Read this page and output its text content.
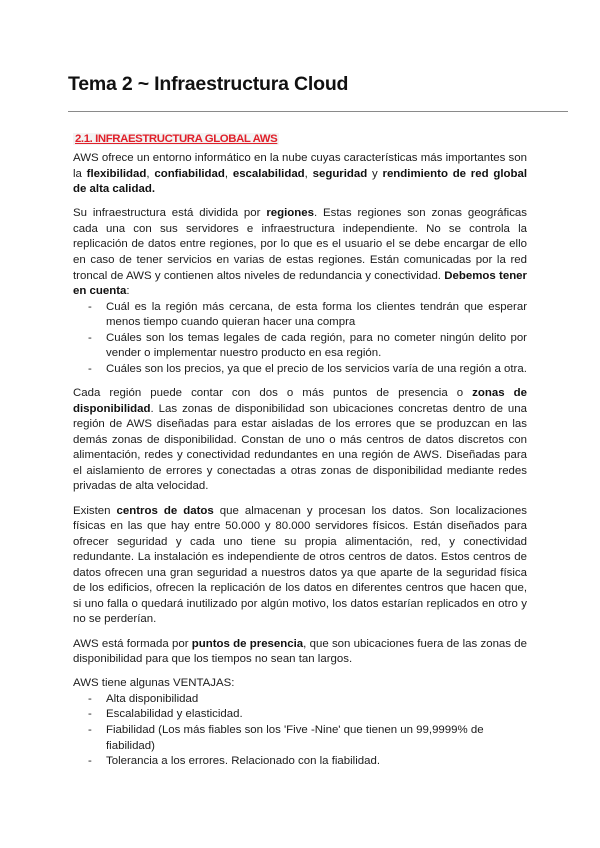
Tema 2 ~ Infraestructura Cloud
2.1. INFRAESTRUCTURA GLOBAL AWS

AWS ofrece un entorno informático en la nube cuyas características más importantes son la flexibilidad, confiabilidad, escalabilidad, seguridad y rendimiento de red global de alta calidad.

Su infraestructura está dividida por regiones. Estas regiones son zonas geográficas cada una con sus servidores e infraestructura independiente. No se controla la replicación de datos entre regiones, por lo que es el usuario el se debe encargar de ello en caso de tener servicios en varias de estas regiones. Están comunicadas por la red troncal de AWS y contienen altos niveles de redundancia y conectividad. Debemos tener en cuenta:

- Cuál es la región más cercana, de esta forma los clientes tendrán que esperar menos tiempo cuando quieran hacer una compra
- Cuáles son los temas legales de cada región, para no cometer ningún delito por vender o implementar nuestro producto en esa región.
- Cuáles son los precios, ya que el precio de los servicios varía de una región a otra.

Cada región puede contar con dos o más puntos de presencia o zonas de disponibilidad. Las zonas de disponibilidad son ubicaciones concretas dentro de una región de AWS diseñadas para estar aisladas de los errores que se produzcan en las demás zonas de disponibilidad. Constan de uno o más centros de datos discretos con alimentación, redes y conectividad redundantes en una región de AWS. Diseñadas para el aislamiento de errores y conectadas a otras zonas de disponibilidad mediante redes privadas de alta velocidad.

Existen centros de datos que almacenan y procesan los datos. Son localizaciones físicas en las que hay entre 50.000 y 80.000 servidores físicos. Están diseñados para ofrecer seguridad y cada uno tiene su propia alimentación, red, y conectividad redundante. La instalación es independiente de otros centros de datos. Estos centros de datos ofrecen una gran seguridad a nuestros datos ya que aparte de la seguridad física de los edificios, ofrecen la replicación de los datos en diferentes centros que hacen que, si uno falla o quedará inutilizado por algún motivo, los datos estarían replicados en otro y no se perderían.

AWS está formada por puntos de presencia, que son ubicaciones fuera de las zonas de disponibilidad para que los tiempos no sean tan largos.

AWS tiene algunas VENTAJAS:

- Alta disponibilidad
- Escalabilidad y elasticidad.
- Fiabilidad (Los más fiables son los 'Five -Nine' que tienen un 99,9999% de fiabilidad)
- Tolerancia a los errores. Relacionado con la fiabilidad.
